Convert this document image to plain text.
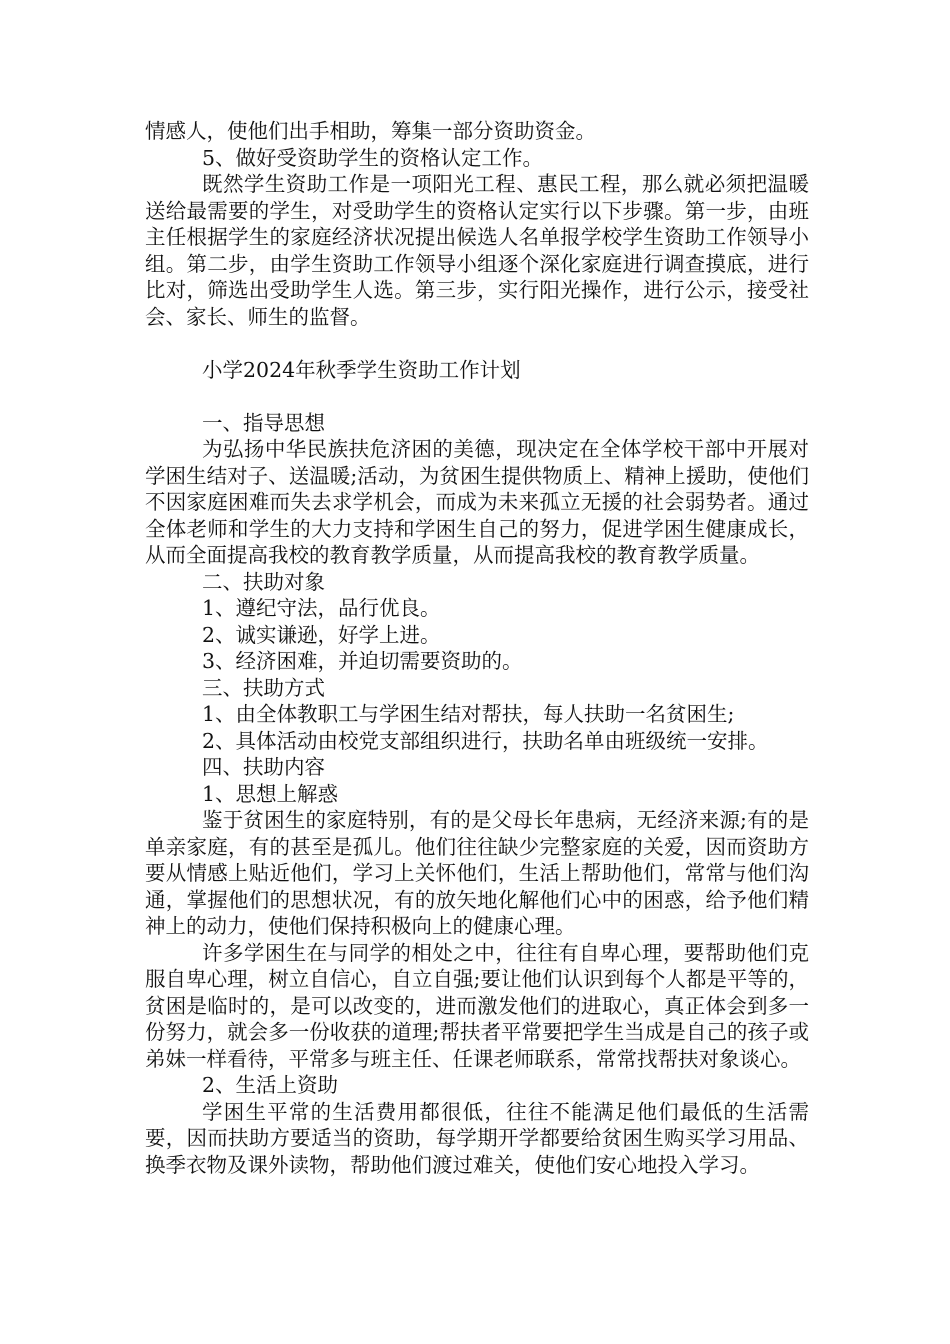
情感人，使他们出手相助，筹集一部分资助资金。

5、做好受资助学生的资格认定工作。

既然学生资助工作是一项阳光工程、惠民工程，那么就必须把温暖送给最需要的学生，对受助学生的资格认定实行以下步骤。第一步，由班主任根据学生的家庭经济状况提出候选人名单报学校学生资助工作领导小组。第二步，由学生资助工作领导小组逐个深化家庭进行调查摸底，进行比对，筛选出受助学生人选。第三步，实行阳光操作，进行公示，接受社会、家长、师生的监督。

小学2024年秋季学生资助工作计划

一、指导思想

为弘扬中华民族扶危济困的美德，现决定在全体学校干部中开展对学困生结对子、送温暖;活动，为贫困生提供物质上、精神上援助，使他们不因家庭困难而失去求学机会，而成为未来孤立无援的社会弱势者。通过全体老师和学生的大力支持和学困生自己的努力，促进学困生健康成长，从而全面提高我校的教育教学质量，从而提高我校的教育教学质量。

二、扶助对象

1、遵纪守法，品行优良。

2、诚实谦逊，好学上进。

3、经济困难，并迫切需要资助的。

三、扶助方式

1、由全体教职工与学困生结对帮扶，每人扶助一名贫困生;

2、具体活动由校党支部组织进行，扶助名单由班级统一安排。

四、扶助内容

1、思想上解惑

鉴于贫困生的家庭特别，有的是父母长年患病，无经济来源;有的是单亲家庭，有的甚至是孤儿。他们往往缺少完整家庭的关爱，因而资助方要从情感上贴近他们，学习上关怀他们，生活上帮助他们，常常与他们沟通，掌握他们的思想状况，有的放矢地化解他们心中的困惑，给予他们精神上的动力，使他们保持积极向上的健康心理。

许多学困生在与同学的相处之中，往往有自卑心理，要帮助他们克服自卑心理，树立自信心，自立自强;要让他们认识到每个人都是平等的，贫困是临时的，是可以改变的，进而激发他们的进取心，真正体会到多一份努力，就会多一份收获的道理;帮扶者平常要把学生当成是自己的孩子或弟妹一样看待，平常多与班主任、任课老师联系，常常找帮扶对象谈心。

2、生活上资助

学困生平常的生活费用都很低，往往不能满足他们最低的生活需要，因而扶助方要适当的资助，每学期开学都要给贫困生购买学习用品、换季衣物及课外读物，帮助他们渡过难关，使他们安心地投入学习。
